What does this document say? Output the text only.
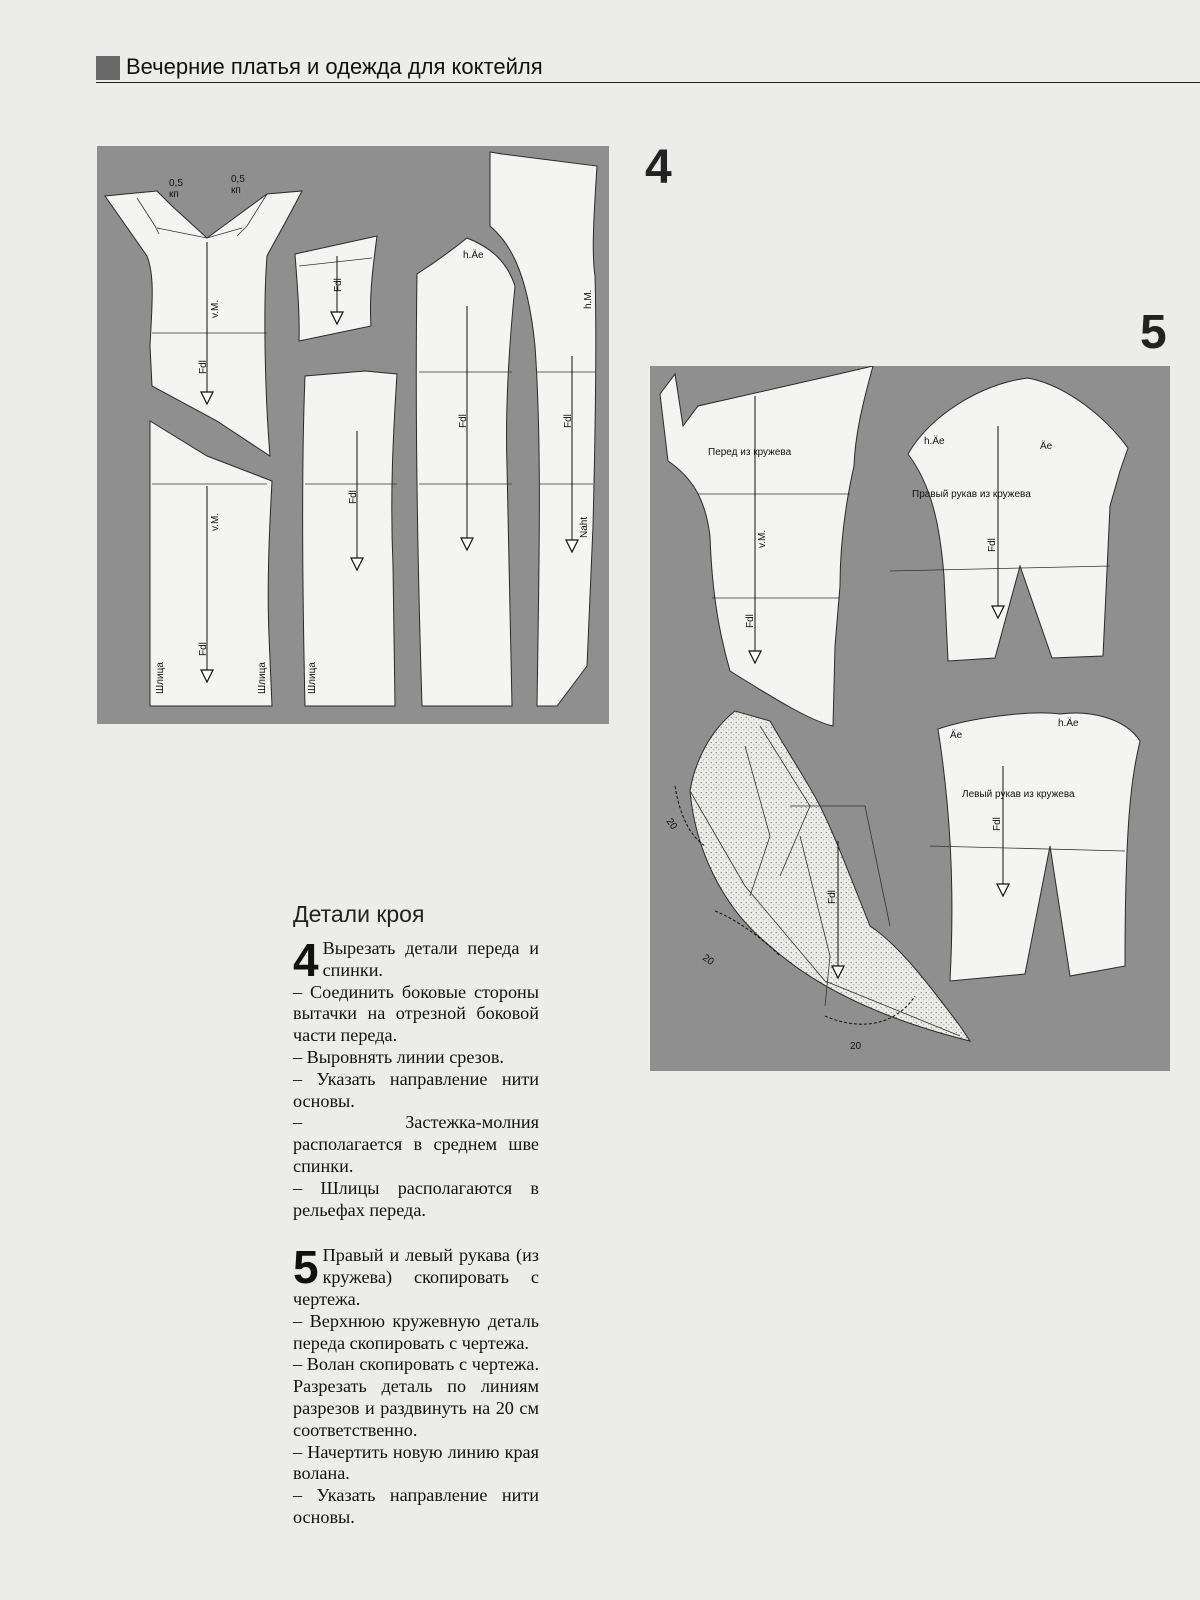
Вечерние платья и одежда для коктейля
4
5
0,5
кп
0,5
кп
v.M.
Fdl
v.M.
Fdl
Шлица	Шлица	Шлица
Fdl
Fdl
h.Äe
Fdl
h.M.
Fdl
Naht
Перед из кружева
v.M.
Fdl
Правый рукав из кружева
h.Äe	Äe
Fdl
Левый рукав из кружева
Äe
h.Äe
Fdl
Fdl
20
20
20
Детали кроя
4 Вырезать детали переда и спинки.

– Соединить боковые стороны вытачки на отрезной боковой части переда.

– Выровнять линии срезов.

– Указать направление нити основы.

– Застежка-молния располагается в среднем шве спинки.

– Шлицы располагаются в рельефах переда.

5 Правый и левый рукава (из кружева) скопировать с чертежа.

– Верхнюю кружевную деталь переда скопировать с чертежа.

– Волан скопировать с чертежа. Разрезать деталь по линиям разрезов и раздвинуть на 20 см соответственно.

– Начертить новую линию края волана.

– Указать направление нити основы.
